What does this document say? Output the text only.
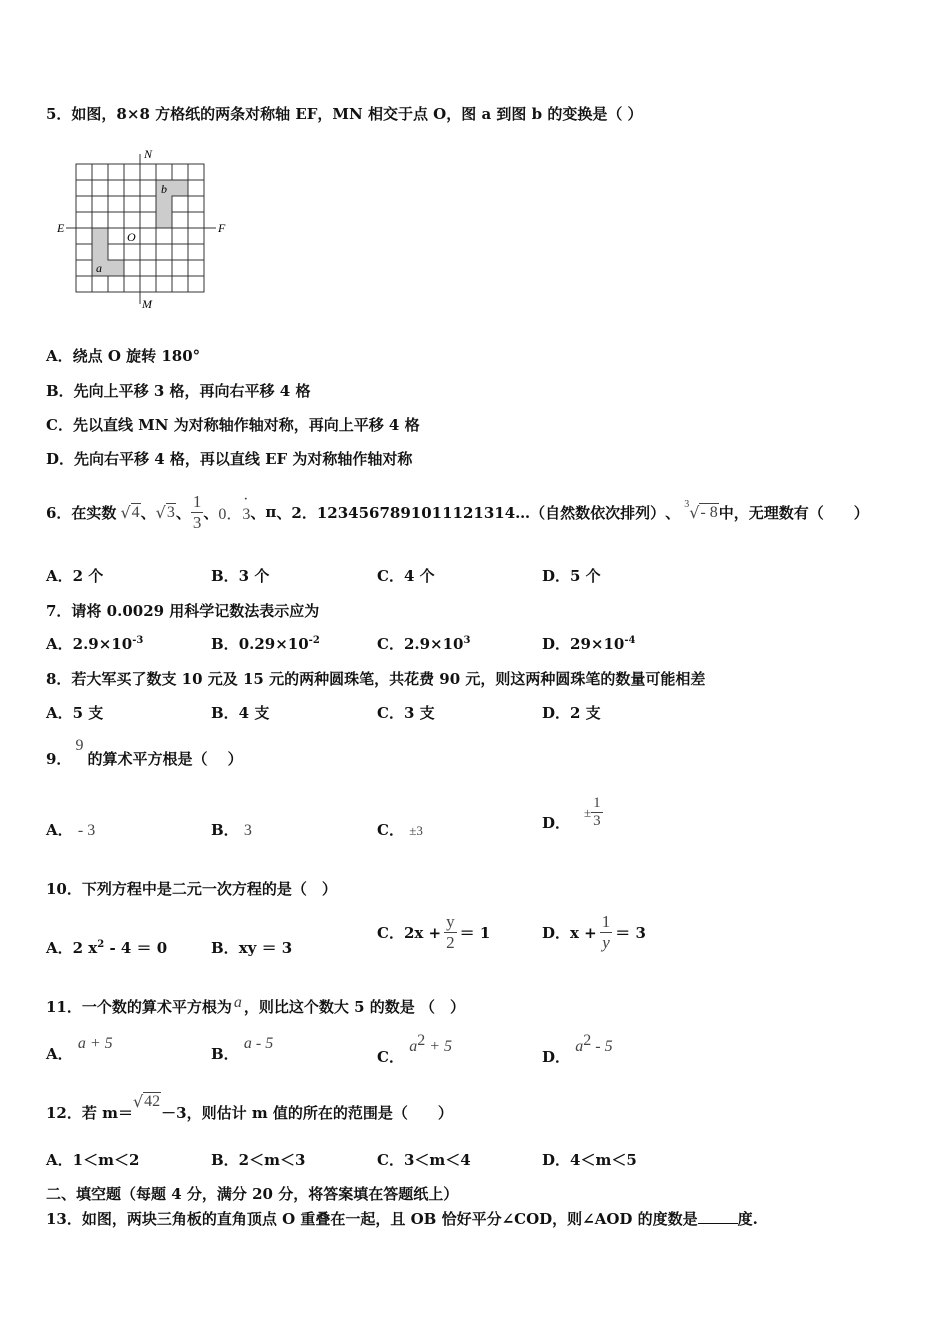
5．如图，8×8 方格纸的两条对称轴 EF，MN 相交于点 O，图 a 到图 b 的变换是（ ）
N
M
E	F
O
a
b
A．绕点 O 旋转 180°
B．先向上平移 3 格，再向右平移 4 格
C．先以直线 MN 为对称轴作轴对称，再向上平移 4 格
D．先向右平移 4 格，再以直线 EF 为对称轴作轴对称
6．在实数 √ 4 、 √ 3 、 $\frac{1}{3}$ 、 0．3
·
、 π 、 2．1234567891011121314…（自然数依次排列） 、 3 √ - 8 中，无理数有（　　）
A．2 个	B．3 个	C．4 个	D．5 个
7．请将 0.0029 用科学记数法表示应为
A．$2.9\times 10^{-3}$	B．$0.29\times 10^{-2}$	C．$2.9\times 10^3$	D．$29\times 10^{-4}$
8．若大军买了数支 10 元及 15 元的两种圆珠笔，共花费 90 元，则这两种圆珠笔的数量可能相差
A．5 支	B．4 支	C．3 支	D．2 支
9．9的算术平方根是（　 ）
A． - 3	B． 3	C． ±3	D．
± $\frac{1}{3}$
10．下列方程中是二元一次方程的是（　）
A．2 $x^2 - 4 = 0$	B．xy ＝ 3
C． $2x + \frac{y}{2} = 1$	D． $x + \frac{1}{y} = 3$
11．一个数的算术平方根为 a ，则比这个数大 5 的数是 （　）
A． a + 5
B． a - 5
C． $a^2 + 5$
D． $a^2 - 5$
12．若 m＝
√ 42
－3，则估计 m 值的所在的范围是（　　）
A．1＜m＜2	B．2＜m＜3	C．3＜m＜4	D．4＜m＜5
二、填空题（每题 4 分，满分 20 分，将答案填在答题纸上）
13．如图，两块三角板的直角顶点 O 重叠在一起，且 OB 恰好平分∠COD，则∠AOD 的度数是	度.
